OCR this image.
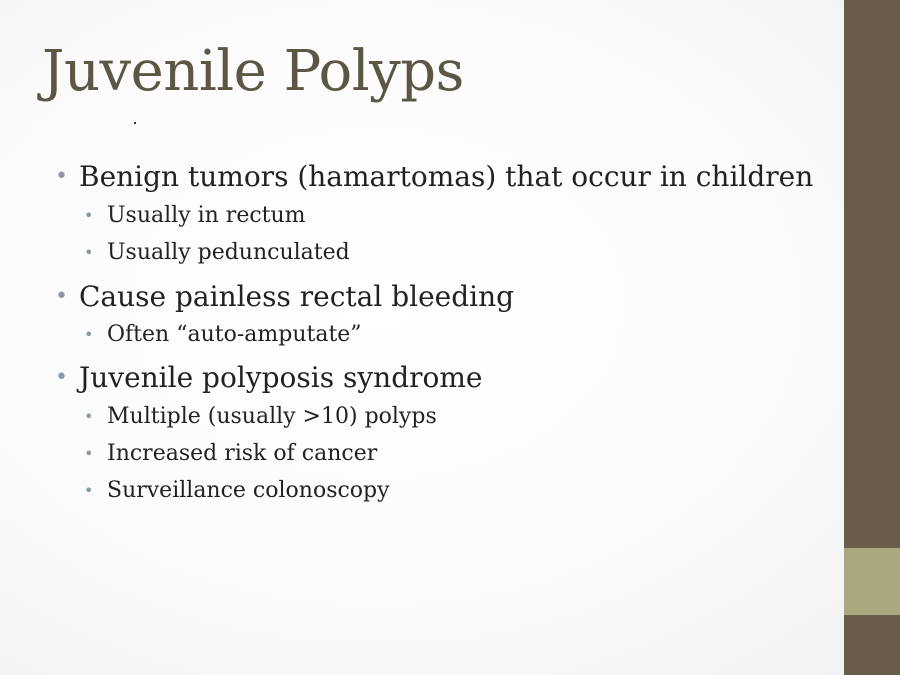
Juvenile Polyps
• Benign tumors (hamartomas) that occur in children
• Usually in rectum
• Usually pedunculated
• Cause painless rectal bleeding
• Often “auto-amputate”
• Juvenile polyposis syndrome
• Multiple (usually >10) polyps
• Increased risk of cancer
• Surveillance colonoscopy
